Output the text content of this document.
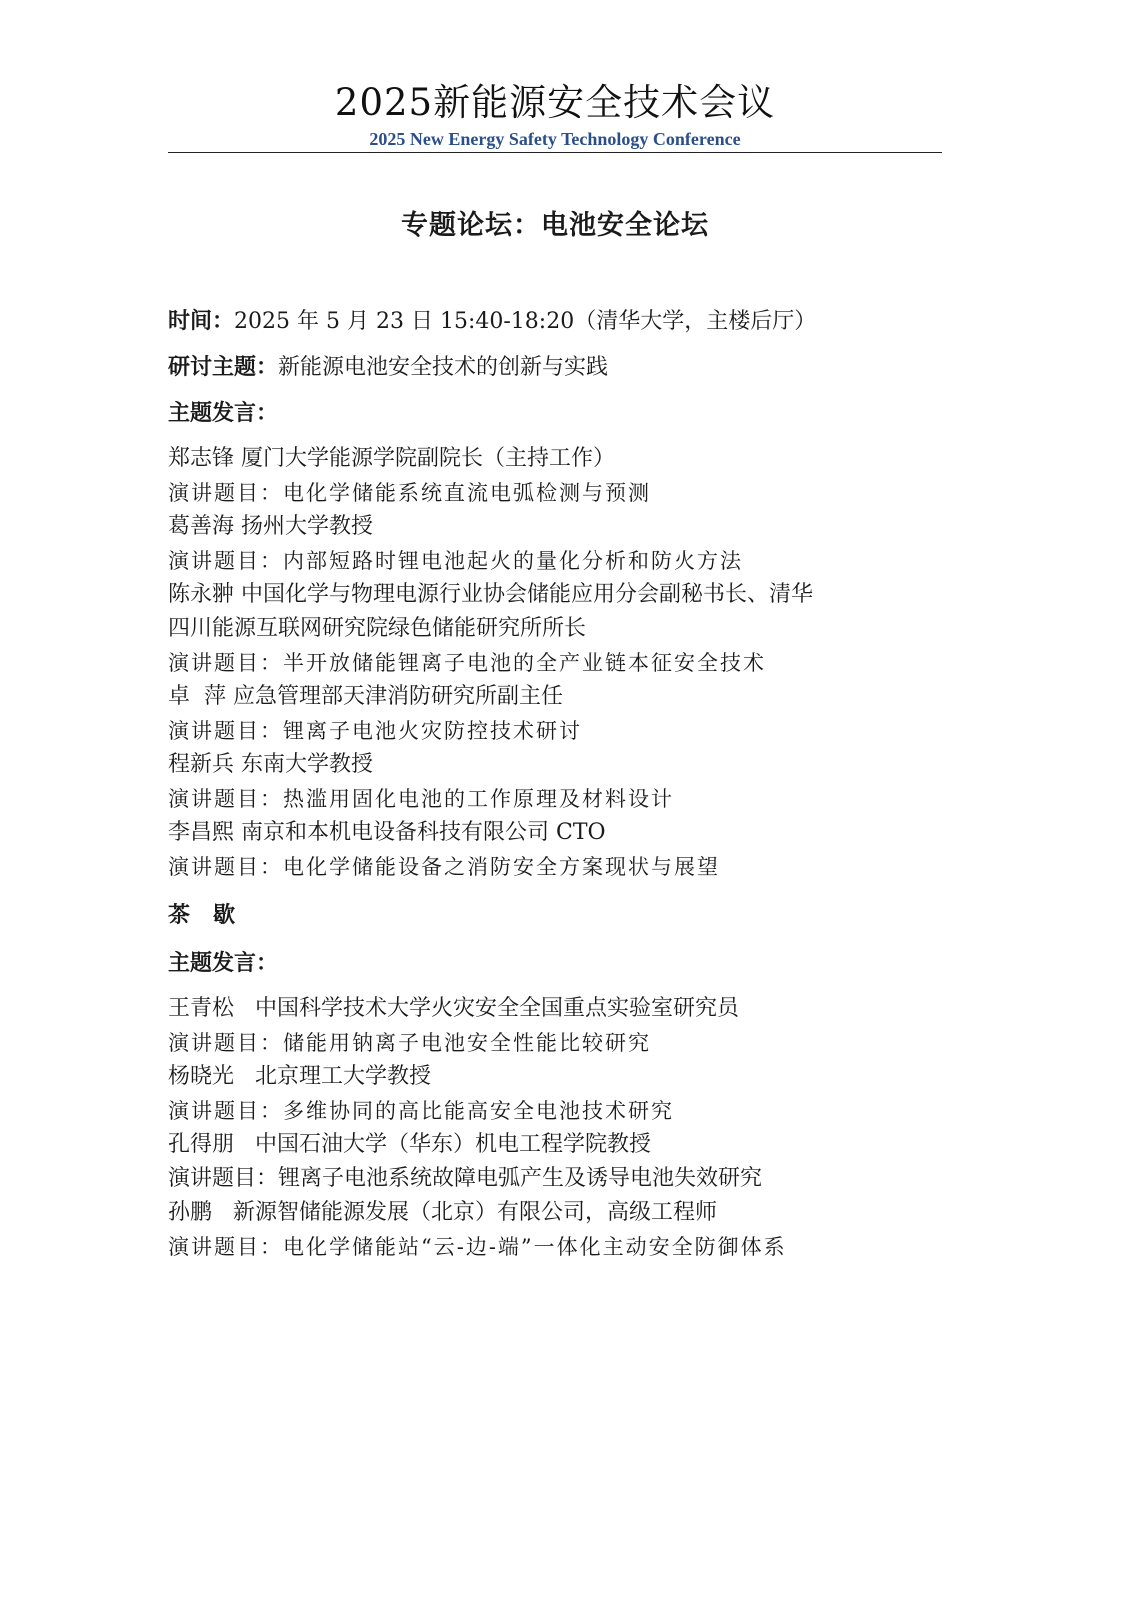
2025新能源安全技术会议
2025 New Energy Safety Technology Conference
专题论坛：电池安全论坛
时间：2025 年 5 月 23 日 15:40-18:20（清华大学，主楼后厅）
研讨主题：新能源电池安全技术的创新与实践
主题发言：
郑志锋 厦门大学能源学院副院长（主持工作）
演讲题目：电化学储能系统直流电弧检测与预测
葛善海 扬州大学教授
演讲题目：内部短路时锂电池起火的量化分析和防火方法
陈永翀 中国化学与物理电源行业协会储能应用分会副秘书长、清华
四川能源互联网研究院绿色储能研究所所长
演讲题目：半开放储能锂离子电池的全产业链本征安全技术
卓  萍 应急管理部天津消防研究所副主任
演讲题目：锂离子电池火灾防控技术研讨
程新兵 东南大学教授
演讲题目：热滥用固化电池的工作原理及材料设计
李昌熙 南京和本机电设备科技有限公司 CTO
演讲题目：电化学储能设备之消防安全方案现状与展望
茶   歇
主题发言：
王青松   中国科学技术大学火灾安全全国重点实验室研究员
演讲题目：储能用钠离子电池安全性能比较研究
杨晓光   北京理工大学教授
演讲题目：多维协同的高比能高安全电池技术研究
孔得朋   中国石油大学（华东）机电工程学院教授
演讲题目：锂离子电池系统故障电弧产生及诱导电池失效研究
孙鹏   新源智储能源发展（北京）有限公司，高级工程师
演讲题目：电化学储能站“云-边-端”一体化主动安全防御体系
